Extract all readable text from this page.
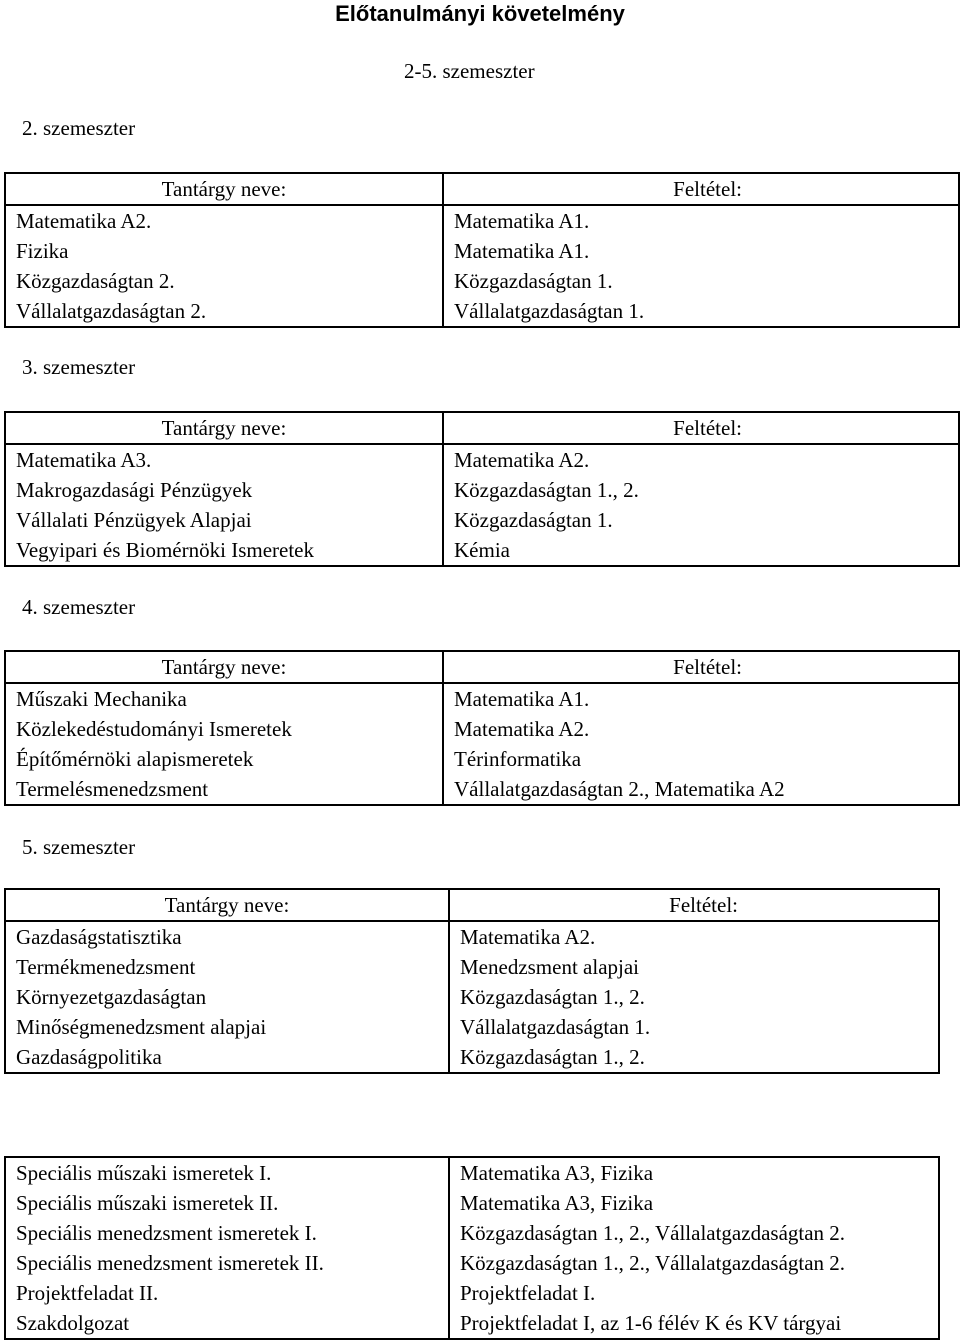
Előtanulmányi követelmény
2-5. szemeszter
2. szemeszter
Tantárgy neve:	Feltétel:
Matematika A2.	Matematika A1.
Fizika	Matematika A1.
Közgazdaságtan 2.	Közgazdaságtan 1.
Vállalatgazdaságtan 2.	Vállalatgazdaságtan 1.
3. szemeszter
Tantárgy neve:	Feltétel:
Matematika A3.	Matematika A2.
Makrogazdasági Pénzügyek	Közgazdaságtan 1., 2.
Vállalati Pénzügyek Alapjai	Közgazdaságtan 1.
Vegyipari és Biomérnöki Ismeretek	Kémia
4. szemeszter
Tantárgy neve:	Feltétel:
Műszaki Mechanika	Matematika A1.
Közlekedéstudományi Ismeretek	Matematika A2.
Építőmérnöki alapismeretek	Térinformatika
Termelésmenedzsment	Vállalatgazdaságtan 2., Matematika A2
5. szemeszter
Tantárgy neve:	Feltétel:
Gazdaságstatisztika	Matematika A2.
Termékmenedzsment	Menedzsment alapjai
Környezetgazdaságtan	Közgazdaságtan 1., 2.
Minőségmenedzsment alapjai	Vállalatgazdaságtan 1.
Gazdaságpolitika	Közgazdaságtan 1., 2.
Speciális műszaki ismeretek I.	Matematika A3, Fizika
Speciális műszaki ismeretek II.	Matematika A3, Fizika
Speciális menedzsment ismeretek I.	Közgazdaságtan 1., 2., Vállalatgazdaságtan 2.
Speciális menedzsment ismeretek II.	Közgazdaságtan 1., 2., Vállalatgazdaságtan 2.
Projektfeladat II.	Projektfeladat I.
Szakdolgozat	Projektfeladat I, az 1-6 félév K és KV tárgyai
